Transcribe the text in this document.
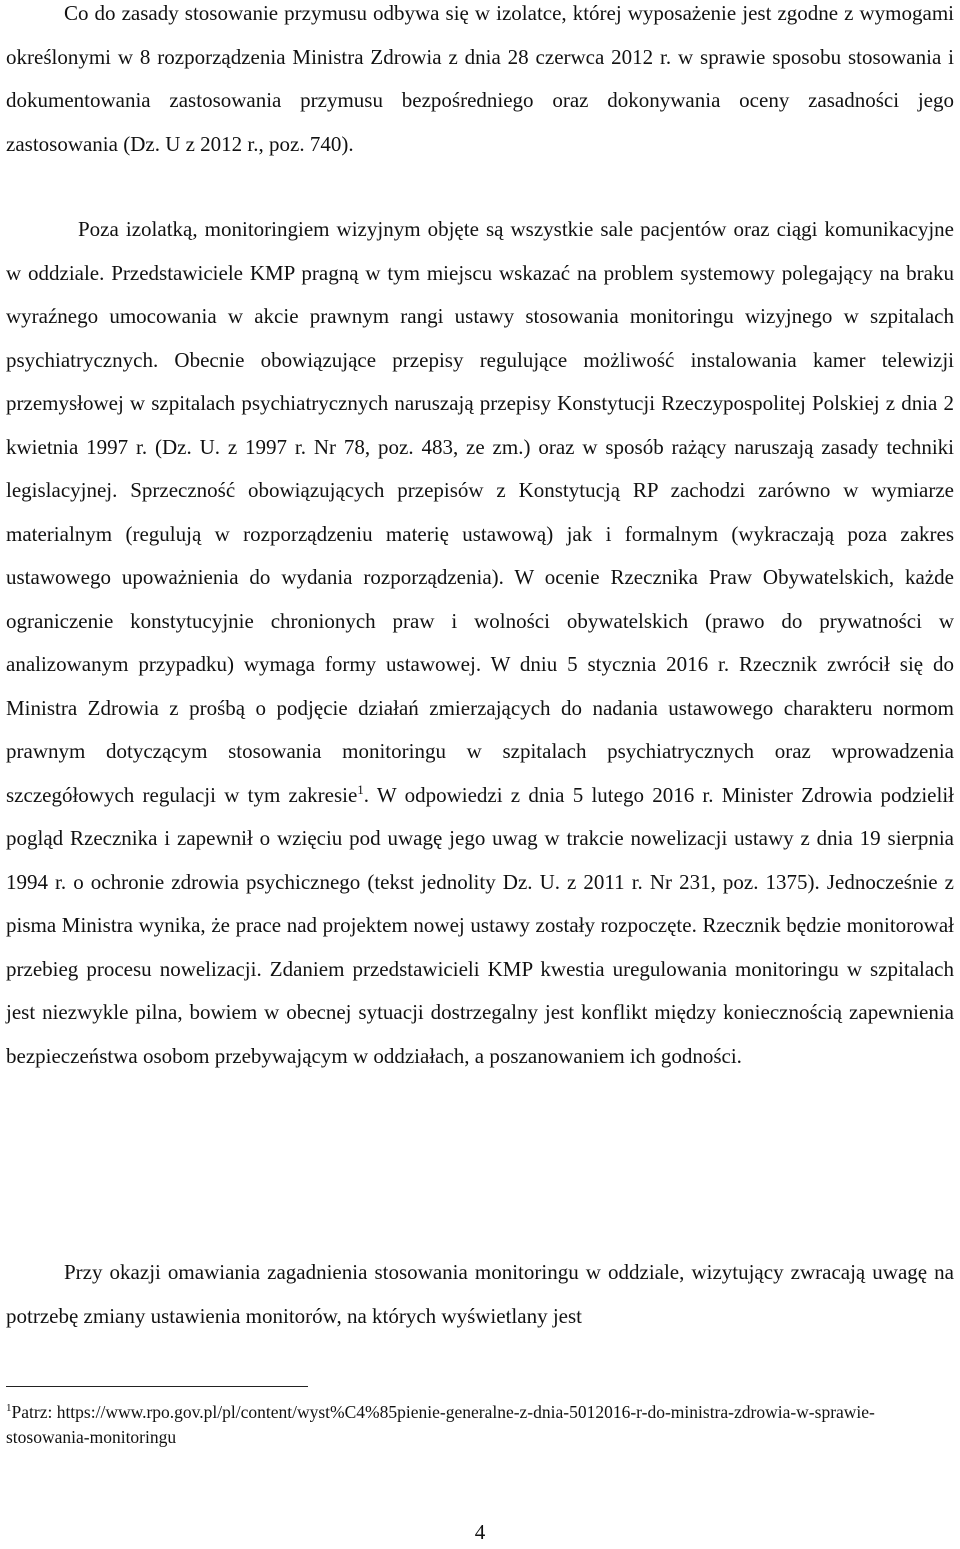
Co do zasady stosowanie przymusu odbywa się w izolatce, której wyposażenie jest zgodne z wymogami określonymi w 8 rozporządzenia Ministra Zdrowia z dnia 28 czerwca 2012 r. w sprawie sposobu stosowania i dokumentowania zastosowania przymusu bezpośredniego oraz dokonywania oceny zasadności jego zastosowania (Dz. U z 2012 r., poz. 740).

Poza izolatką, monitoringiem wizyjnym objęte są wszystkie sale pacjentów oraz ciągi komunikacyjne w oddziale. Przedstawiciele KMP pragną w tym miejscu wskazać na problem systemowy polegający na braku wyraźnego umocowania w akcie prawnym rangi ustawy stosowania monitoringu wizyjnego w szpitalach psychiatrycznych. Obecnie obowiązujące przepisy regulujące możliwość instalowania kamer telewizji przemysłowej w szpitalach psychiatrycznych naruszają przepisy Konstytucji Rzeczypospolitej Polskiej z dnia 2 kwietnia 1997 r. (Dz. U. z 1997 r. Nr 78, poz. 483, ze zm.) oraz w sposób rażący naruszają zasady techniki legislacyjnej. Sprzeczność obowiązujących przepisów z Konstytucją RP zachodzi zarówno w wymiarze materialnym (regulują w rozporządzeniu materię ustawową) jak i formalnym (wykraczają poza zakres ustawowego upoważnienia do wydania rozporządzenia). W ocenie Rzecznika Praw Obywatelskich, każde ograniczenie konstytucyjnie chronionych praw i wolności obywatelskich (prawo do prywatności w analizowanym przypadku) wymaga formy ustawowej. W dniu 5 stycznia 2016 r. Rzecznik zwrócił się do Ministra Zdrowia z prośbą o podjęcie działań zmierzających do nadania ustawowego charakteru normom prawnym dotyczącym stosowania monitoringu w szpitalach psychiatrycznych oraz wprowadzenia szczegółowych regulacji w tym zakresie$^1$. W odpowiedzi z dnia 5 lutego 2016 r. Minister Zdrowia podzielił pogląd Rzecznika i zapewnił o wzięciu pod uwagę jego uwag w trakcie nowelizacji ustawy z dnia 19 sierpnia 1994 r. o ochronie zdrowia psychicznego (tekst jednolity Dz. U. z 2011 r. Nr 231, poz. 1375). Jednocześnie z pisma Ministra wynika, że prace nad projektem nowej ustawy zostały rozpoczęte. Rzecznik będzie monitorował przebieg procesu nowelizacji. Zdaniem przedstawicieli KMP kwestia uregulowania monitoringu w szpitalach jest niezwykle pilna, bowiem w obecnej sytuacji dostrzegalny jest konflikt między koniecznością zapewnienia bezpieczeństwa osobom przebywającym w oddziałach, a poszanowaniem ich godności.

Przy okazji omawiania zagadnienia stosowania monitoringu w oddziale, wizytujący zwracają uwagę na potrzebę zmiany ustawienia monitorów, na których wyświetlany jest

$^1$Patrz: https://www.rpo.gov.pl/pl/content/wyst%C4%85pienie-generalne-z-dnia-5012016-r-do-ministra-zdrowia-w-sprawie-stosowania-monitoringu

4
